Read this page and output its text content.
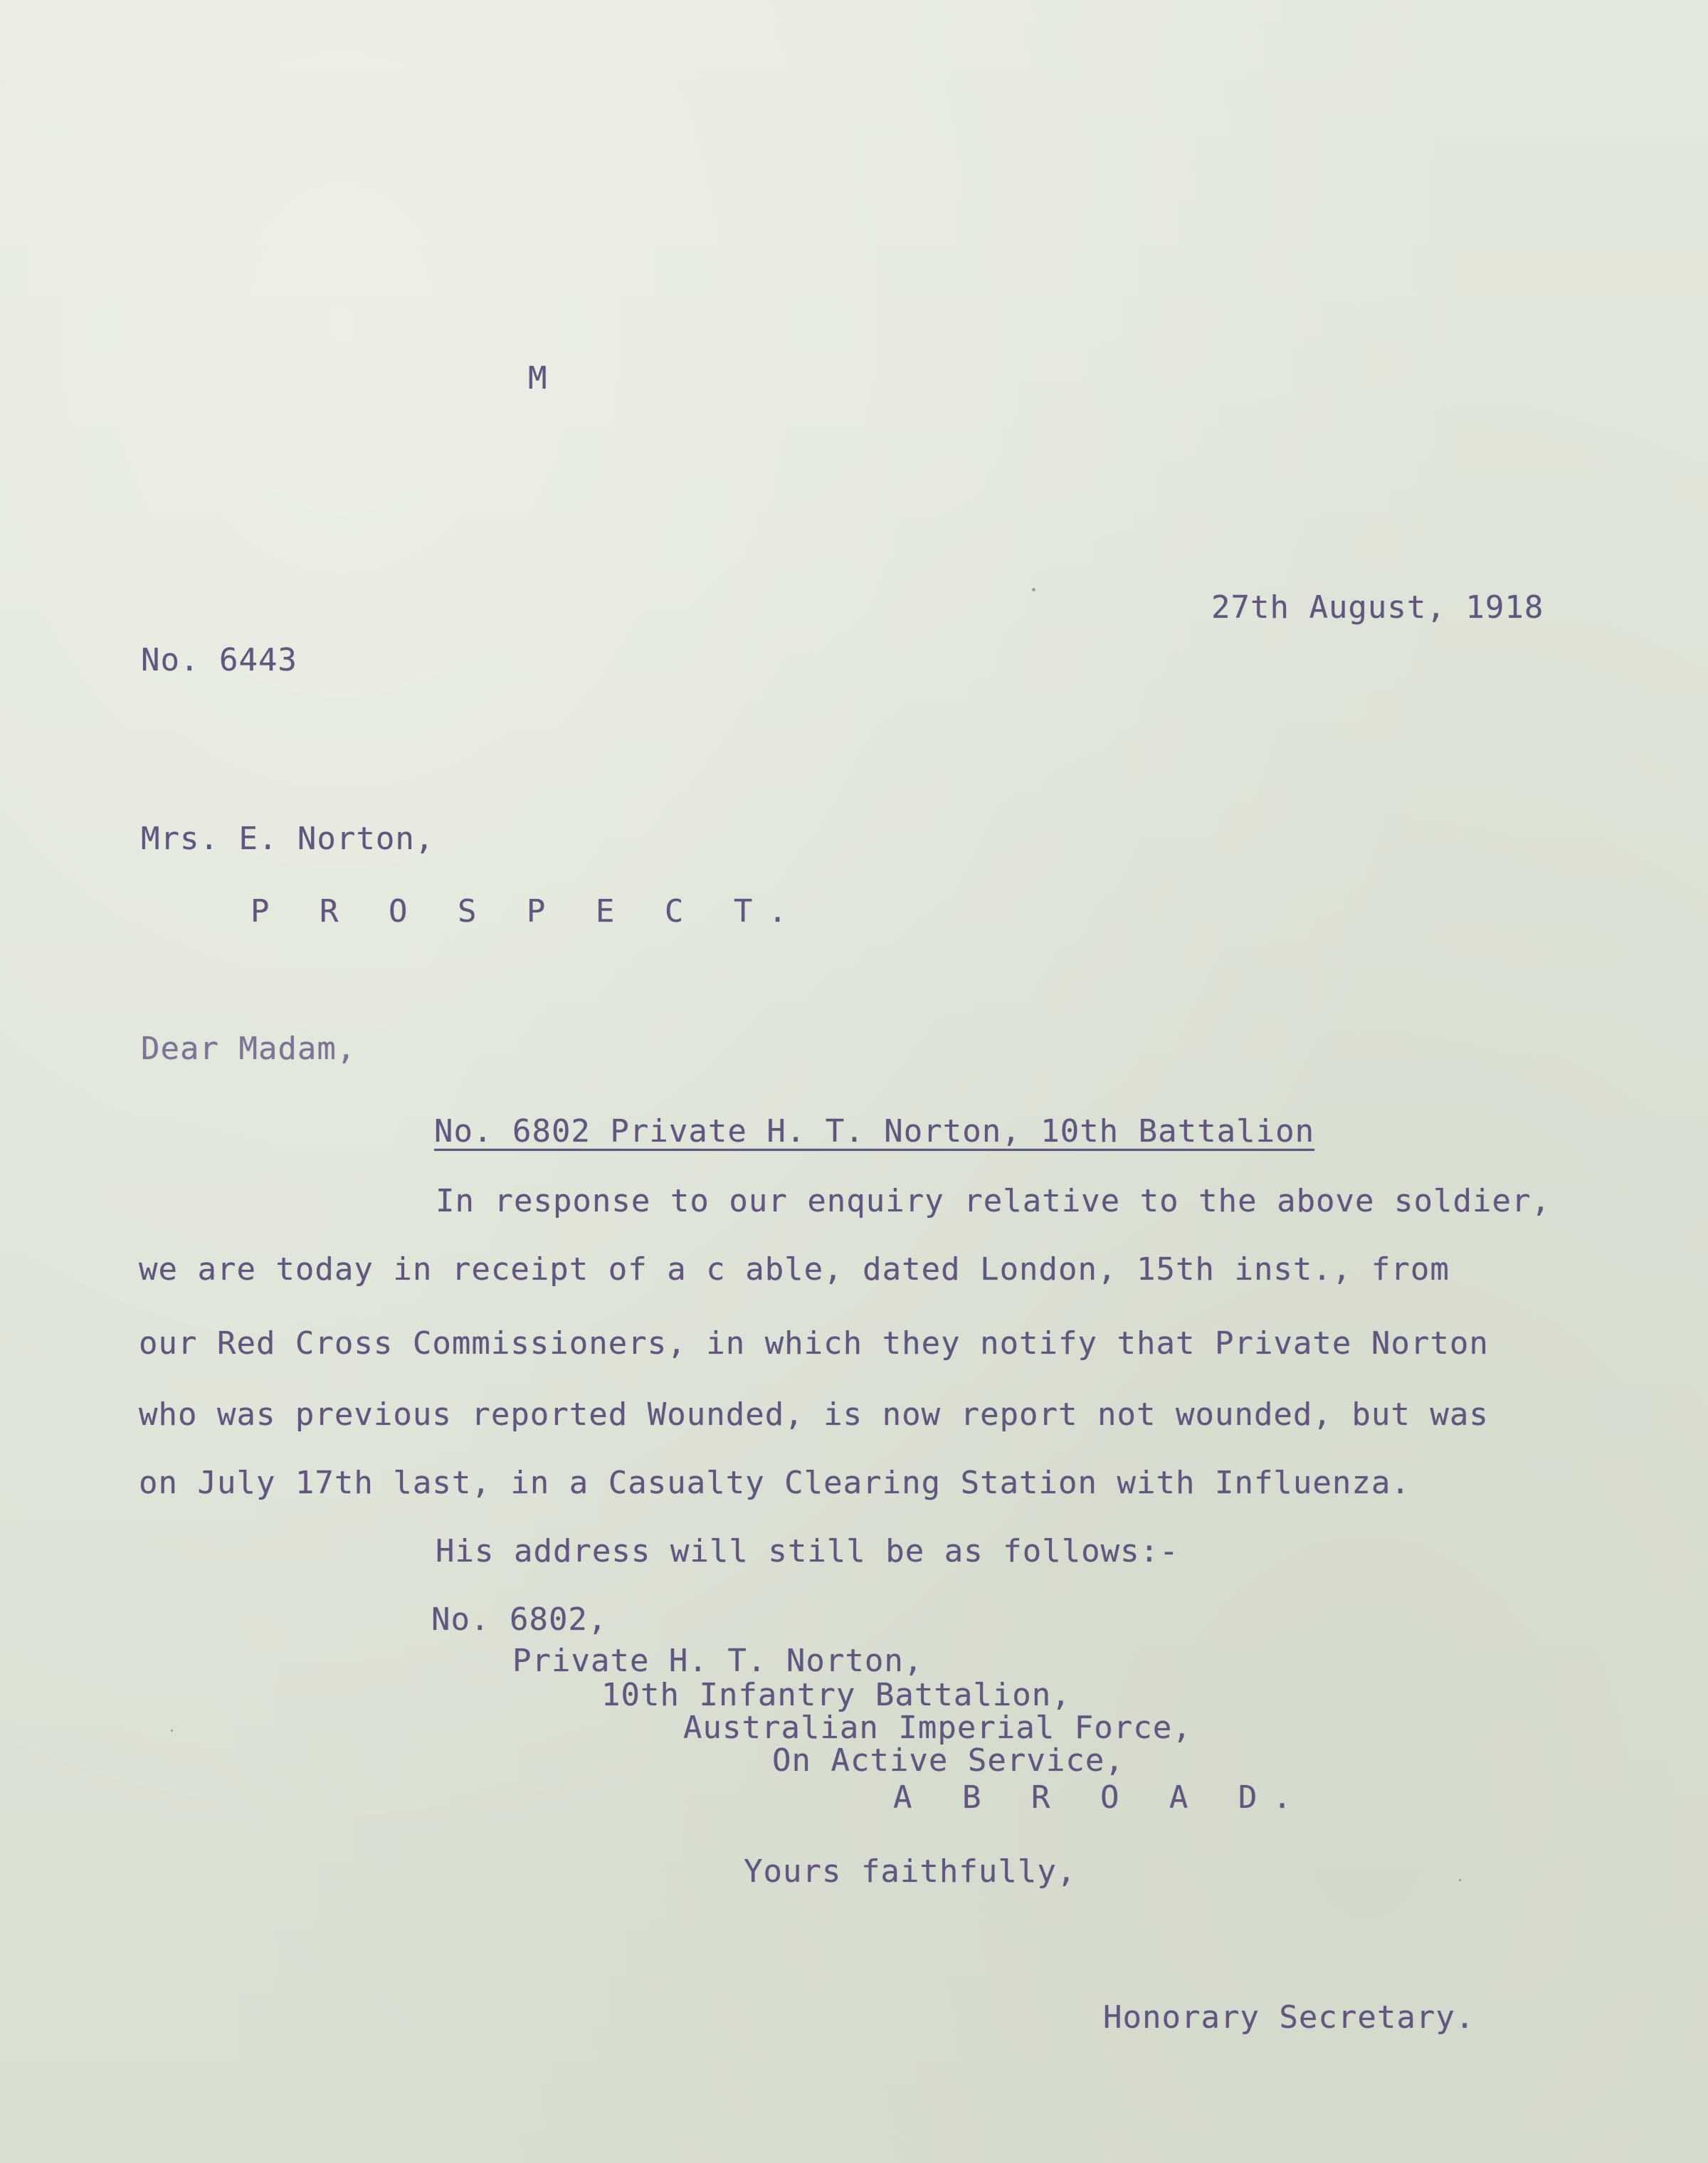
M
27th August, 1918
No. 6443
Mrs. E. Norton,
P R O S P E C T.
Dear Madam,
No. 6802 Private H. T. Norton, 10th Battalion
In response to our enquiry relative to the above soldier,
we are today in receipt of a c able, dated London, 15th inst., from
our Red Cross Commissioners, in which they notify that Private Norton
who was previous reported Wounded, is now report not wounded, but was
on July 17th last, in a Casualty Clearing Station with Influenza.
His address will still be as follows:-
No. 6802,
Private H. T. Norton,
10th Infantry Battalion,
Australian Imperial Force,
On Active Service,
A B R O A D.
Yours faithfully,
Honorary Secretary.
